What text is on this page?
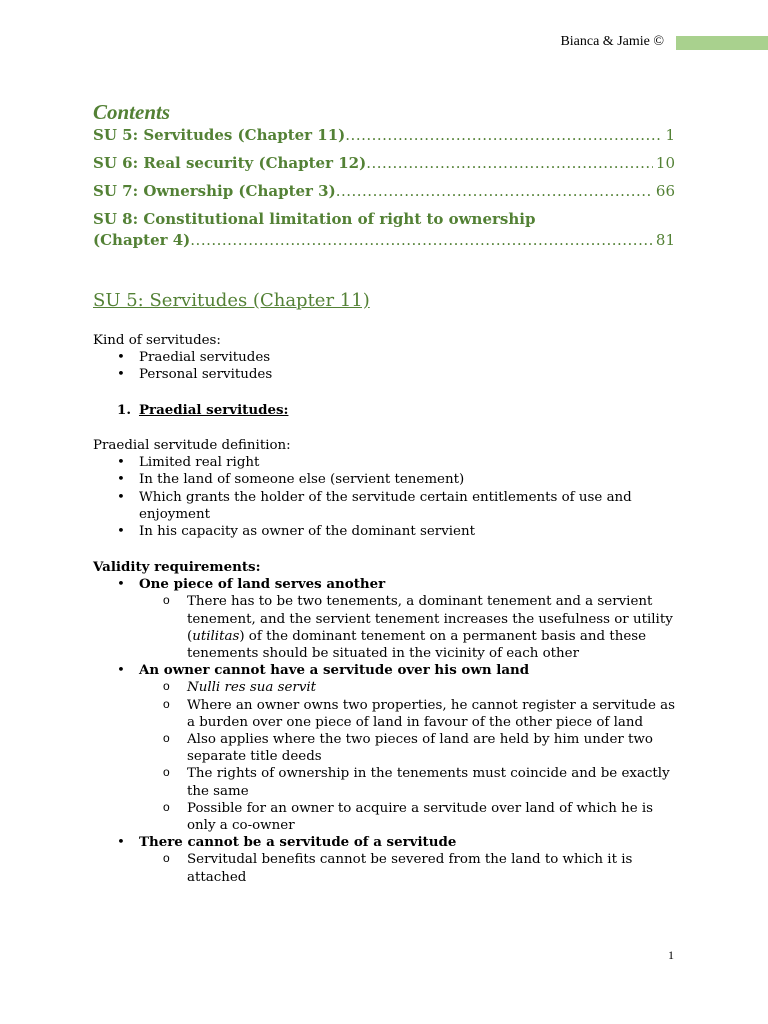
Bianca & Jamie ©
Contents
SU 5: Servitudes (Chapter 11) .....	1
SU 6: Real security (Chapter 12) .....	10
SU 7: Ownership (Chapter 3) .....	66
SU 8: Constitutional limitation of right to ownership
(Chapter 4) .....	81
SU 5: Servitudes (Chapter 11)
Kind of servitudes:
• Praedial servitudes
• Personal servitudes
1. Praedial servitudes:
Praedial servitude definition:
• Limited real right
• In the land of someone else (servient tenement)
• Which grants the holder of the servitude certain entitlements of use and enjoyment
• In his capacity as owner of the dominant servient
Validity requirements:
• One piece of land serves another
o There has to be two tenements, a dominant tenement and a servient tenement, and the servient tenement increases the usefulness or utility (utilitas) of the dominant tenement on a permanent basis and these tenements should be situated in the vicinity of each other
• An owner cannot have a servitude over his own land
o Nulli res sua servit
o Where an owner owns two properties, he cannot register a servitude as a burden over one piece of land in favour of the other piece of land
o Also applies where the two pieces of land are held by him under two separate title deeds
o The rights of ownership in the tenements must coincide and be exactly the same
o Possible for an owner to acquire a servitude over land of which he is only a co-owner
• There cannot be a servitude of a servitude
o Servitudal benefits cannot be severed from the land to which it is attached
1
